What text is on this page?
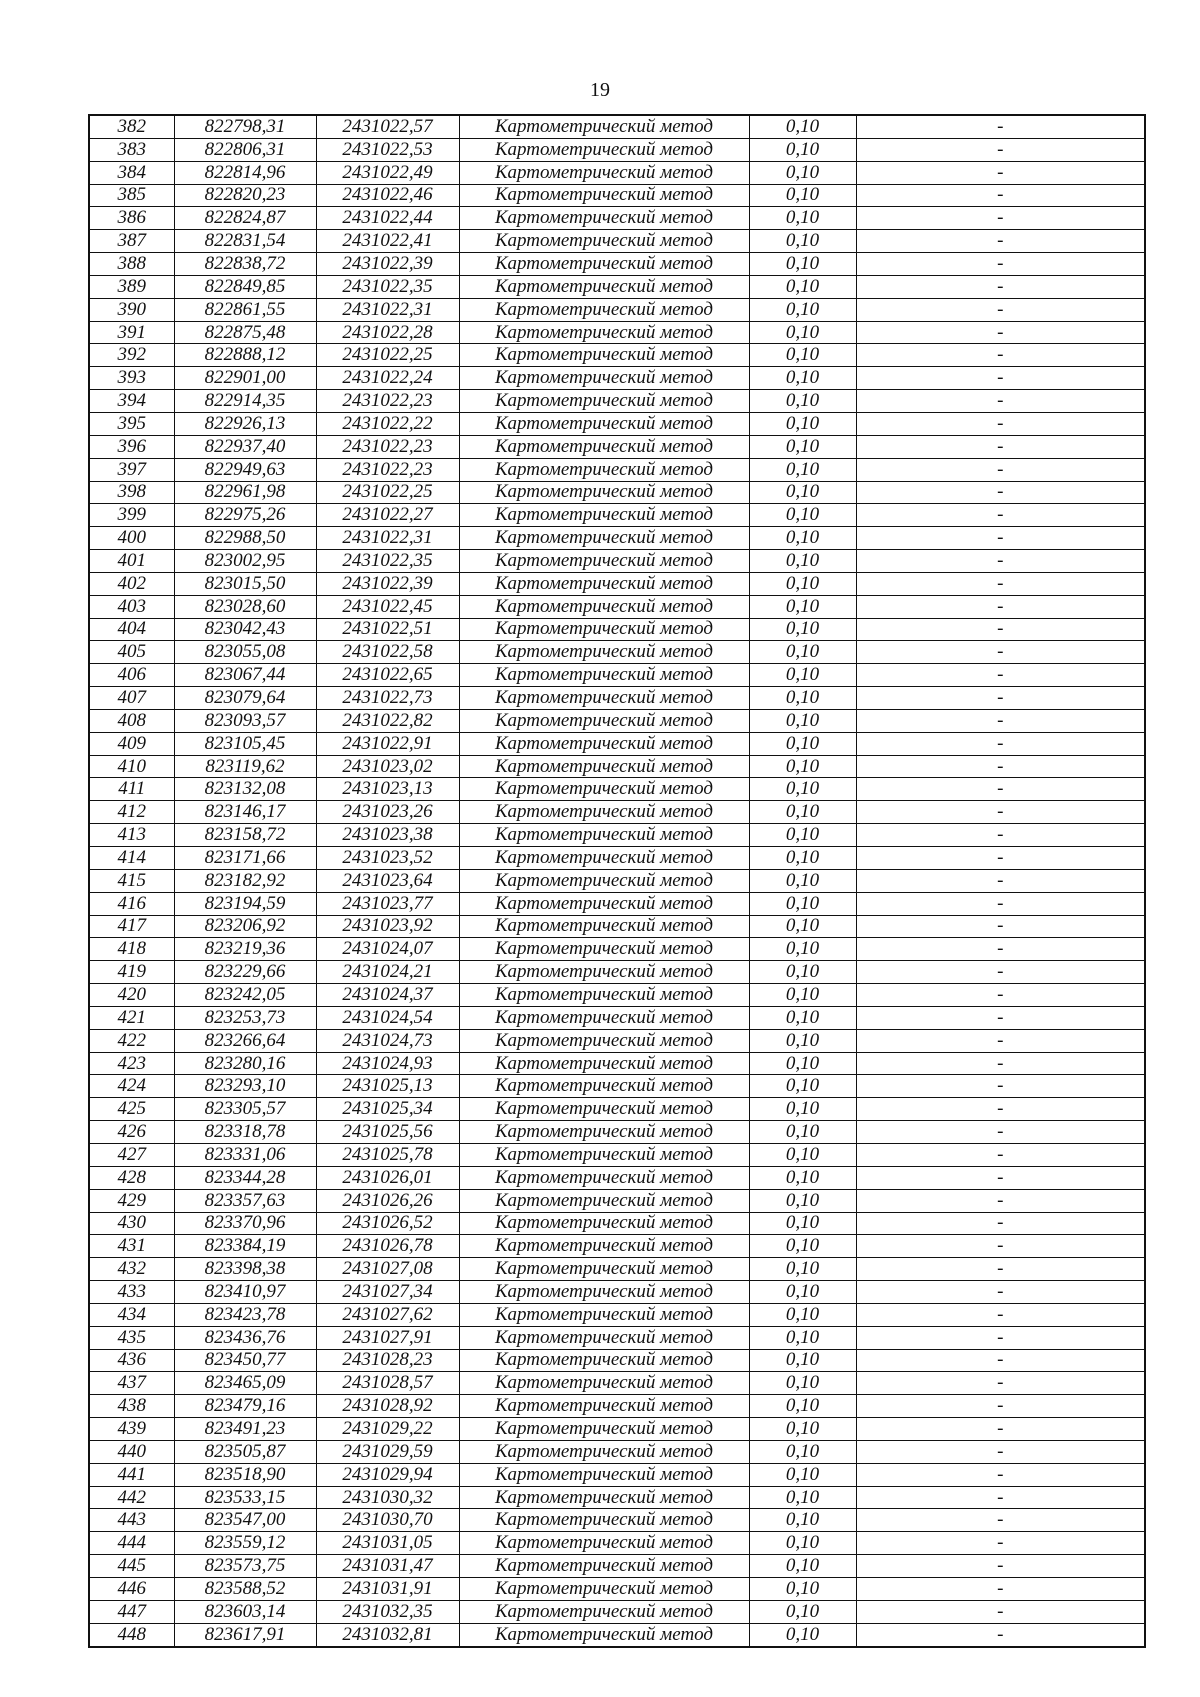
19
382	822798,31	2431022,57	Картометрический метод	0,10	-
383	822806,31	2431022,53	Картометрический метод	0,10	-
384	822814,96	2431022,49	Картометрический метод	0,10	-
385	822820,23	2431022,46	Картометрический метод	0,10	-
386	822824,87	2431022,44	Картометрический метод	0,10	-
387	822831,54	2431022,41	Картометрический метод	0,10	-
388	822838,72	2431022,39	Картометрический метод	0,10	-
389	822849,85	2431022,35	Картометрический метод	0,10	-
390	822861,55	2431022,31	Картометрический метод	0,10	-
391	822875,48	2431022,28	Картометрический метод	0,10	-
392	822888,12	2431022,25	Картометрический метод	0,10	-
393	822901,00	2431022,24	Картометрический метод	0,10	-
394	822914,35	2431022,23	Картометрический метод	0,10	-
395	822926,13	2431022,22	Картометрический метод	0,10	-
396	822937,40	2431022,23	Картометрический метод	0,10	-
397	822949,63	2431022,23	Картометрический метод	0,10	-
398	822961,98	2431022,25	Картометрический метод	0,10	-
399	822975,26	2431022,27	Картометрический метод	0,10	-
400	822988,50	2431022,31	Картометрический метод	0,10	-
401	823002,95	2431022,35	Картометрический метод	0,10	-
402	823015,50	2431022,39	Картометрический метод	0,10	-
403	823028,60	2431022,45	Картометрический метод	0,10	-
404	823042,43	2431022,51	Картометрический метод	0,10	-
405	823055,08	2431022,58	Картометрический метод	0,10	-
406	823067,44	2431022,65	Картометрический метод	0,10	-
407	823079,64	2431022,73	Картометрический метод	0,10	-
408	823093,57	2431022,82	Картометрический метод	0,10	-
409	823105,45	2431022,91	Картометрический метод	0,10	-
410	823119,62	2431023,02	Картометрический метод	0,10	-
411	823132,08	2431023,13	Картометрический метод	0,10	-
412	823146,17	2431023,26	Картометрический метод	0,10	-
413	823158,72	2431023,38	Картометрический метод	0,10	-
414	823171,66	2431023,52	Картометрический метод	0,10	-
415	823182,92	2431023,64	Картометрический метод	0,10	-
416	823194,59	2431023,77	Картометрический метод	0,10	-
417	823206,92	2431023,92	Картометрический метод	0,10	-
418	823219,36	2431024,07	Картометрический метод	0,10	-
419	823229,66	2431024,21	Картометрический метод	0,10	-
420	823242,05	2431024,37	Картометрический метод	0,10	-
421	823253,73	2431024,54	Картометрический метод	0,10	-
422	823266,64	2431024,73	Картометрический метод	0,10	-
423	823280,16	2431024,93	Картометрический метод	0,10	-
424	823293,10	2431025,13	Картометрический метод	0,10	-
425	823305,57	2431025,34	Картометрический метод	0,10	-
426	823318,78	2431025,56	Картометрический метод	0,10	-
427	823331,06	2431025,78	Картометрический метод	0,10	-
428	823344,28	2431026,01	Картометрический метод	0,10	-
429	823357,63	2431026,26	Картометрический метод	0,10	-
430	823370,96	2431026,52	Картометрический метод	0,10	-
431	823384,19	2431026,78	Картометрический метод	0,10	-
432	823398,38	2431027,08	Картометрический метод	0,10	-
433	823410,97	2431027,34	Картометрический метод	0,10	-
434	823423,78	2431027,62	Картометрический метод	0,10	-
435	823436,76	2431027,91	Картометрический метод	0,10	-
436	823450,77	2431028,23	Картометрический метод	0,10	-
437	823465,09	2431028,57	Картометрический метод	0,10	-
438	823479,16	2431028,92	Картометрический метод	0,10	-
439	823491,23	2431029,22	Картометрический метод	0,10	-
440	823505,87	2431029,59	Картометрический метод	0,10	-
441	823518,90	2431029,94	Картометрический метод	0,10	-
442	823533,15	2431030,32	Картометрический метод	0,10	-
443	823547,00	2431030,70	Картометрический метод	0,10	-
444	823559,12	2431031,05	Картометрический метод	0,10	-
445	823573,75	2431031,47	Картометрический метод	0,10	-
446	823588,52	2431031,91	Картометрический метод	0,10	-
447	823603,14	2431032,35	Картометрический метод	0,10	-
448	823617,91	2431032,81	Картометрический метод	0,10	-
